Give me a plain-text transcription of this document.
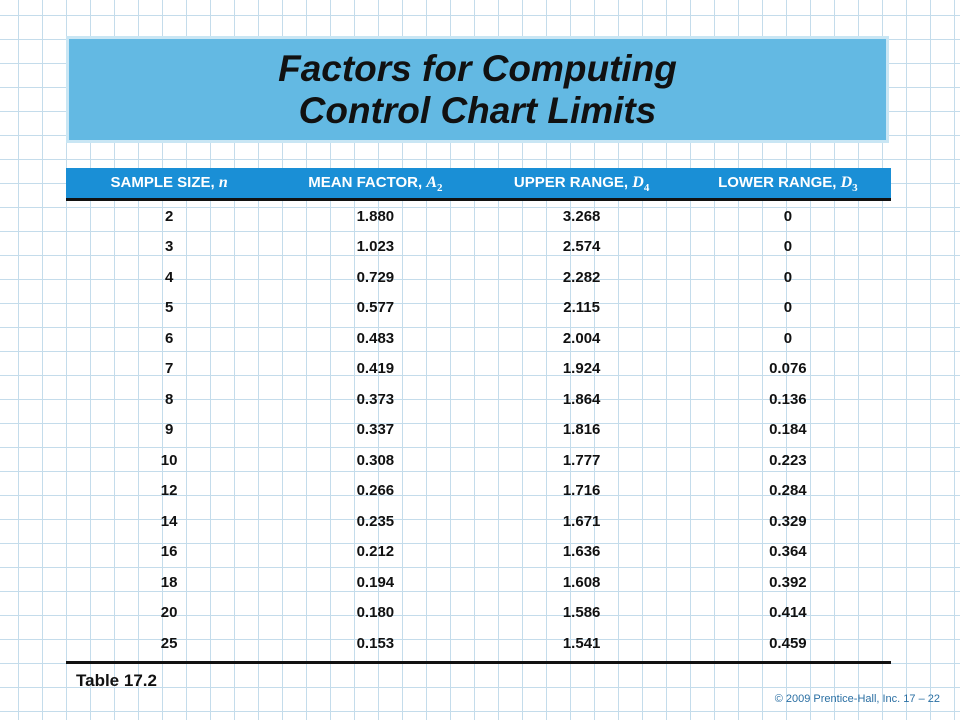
Factors for Computing
Control Chart Limits
SAMPLE SIZE, n	MEAN FACTOR, $A_2$	UPPER RANGE, $D_4$	LOWER RANGE, $D_3$
2	1.880	3.268	0
3	1.023	2.574	0
4	0.729	2.282	0
5	0.577	2.115	0
6	0.483	2.004	0
7	0.419	1.924	0.076
8	0.373	1.864	0.136
9	0.337	1.816	0.184
10	0.308	1.777	0.223
12	0.266	1.716	0.284
14	0.235	1.671	0.329
16	0.212	1.636	0.364
18	0.194	1.608	0.392
20	0.180	1.586	0.414
25	0.153	1.541	0.459
Table 17.2
© 2009 Prentice-Hall, Inc. 17 – 22
